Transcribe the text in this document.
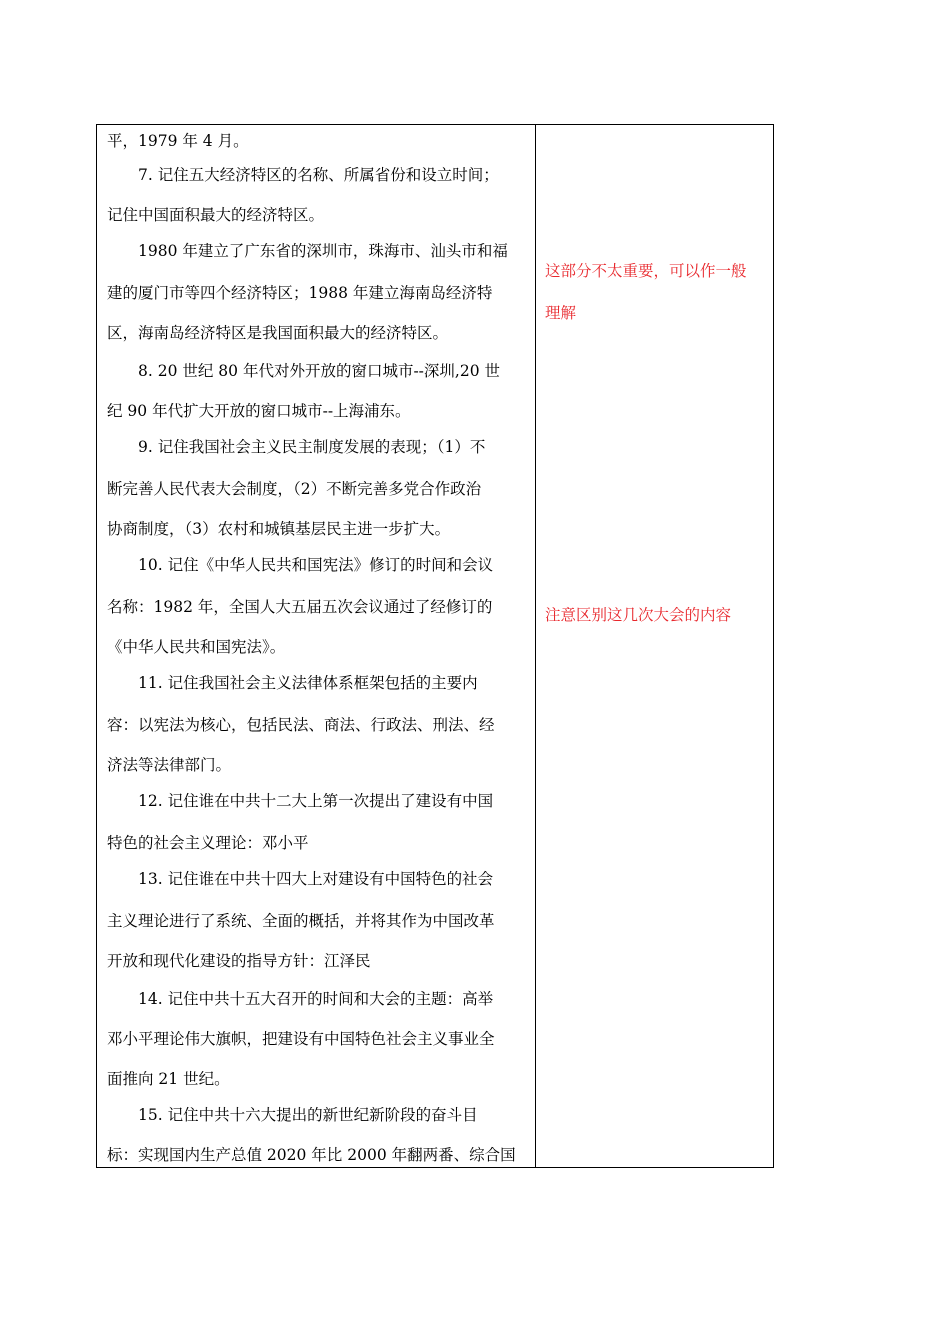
平，1979 年 4 月。
　　7. 记住五大经济特区的名称、所属省份和设立时间；
记住中国面积最大的经济特区。
　　1980 年建立了广东省的深圳市，珠海市、汕头市和福
建的厦门市等四个经济特区；1988 年建立海南岛经济特
区，海南岛经济特区是我国面积最大的经济特区。
　　8. 20 世纪 80 年代对外开放的窗口城市--深圳,20 世
纪 90 年代扩大开放的窗口城市--上海浦东。
　　9. 记住我国社会主义民主制度发展的表现；（1）不
断完善人民代表大会制度，（2）不断完善多党合作政治
协商制度，（3）农村和城镇基层民主进一步扩大。
　　10. 记住《中华人民共和国宪法》修订的时间和会议
名称：1982 年，全国人大五届五次会议通过了经修订的
《中华人民共和国宪法》。
　　11. 记住我国社会主义法律体系框架包括的主要内
容：以宪法为核心，包括民法、商法、行政法、刑法、经
济法等法律部门。
　　12. 记住谁在中共十二大上第一次提出了建设有中国
特色的社会主义理论：邓小平
　　13. 记住谁在中共十四大上对建设有中国特色的社会
主义理论进行了系统、全面的概括，并将其作为中国改革
开放和现代化建设的指导方针：江泽民
　　14. 记住中共十五大召开的时间和大会的主题：高举
邓小平理论伟大旗帜，把建设有中国特色社会主义事业全
面推向 21 世纪。
　　15. 记住中共十六大提出的新世纪新阶段的奋斗目
标：实现国内生产总值 2020 年比 2000 年翻两番、综合国
这部分不太重要，可以作一般
理解
注意区别这几次大会的内容
